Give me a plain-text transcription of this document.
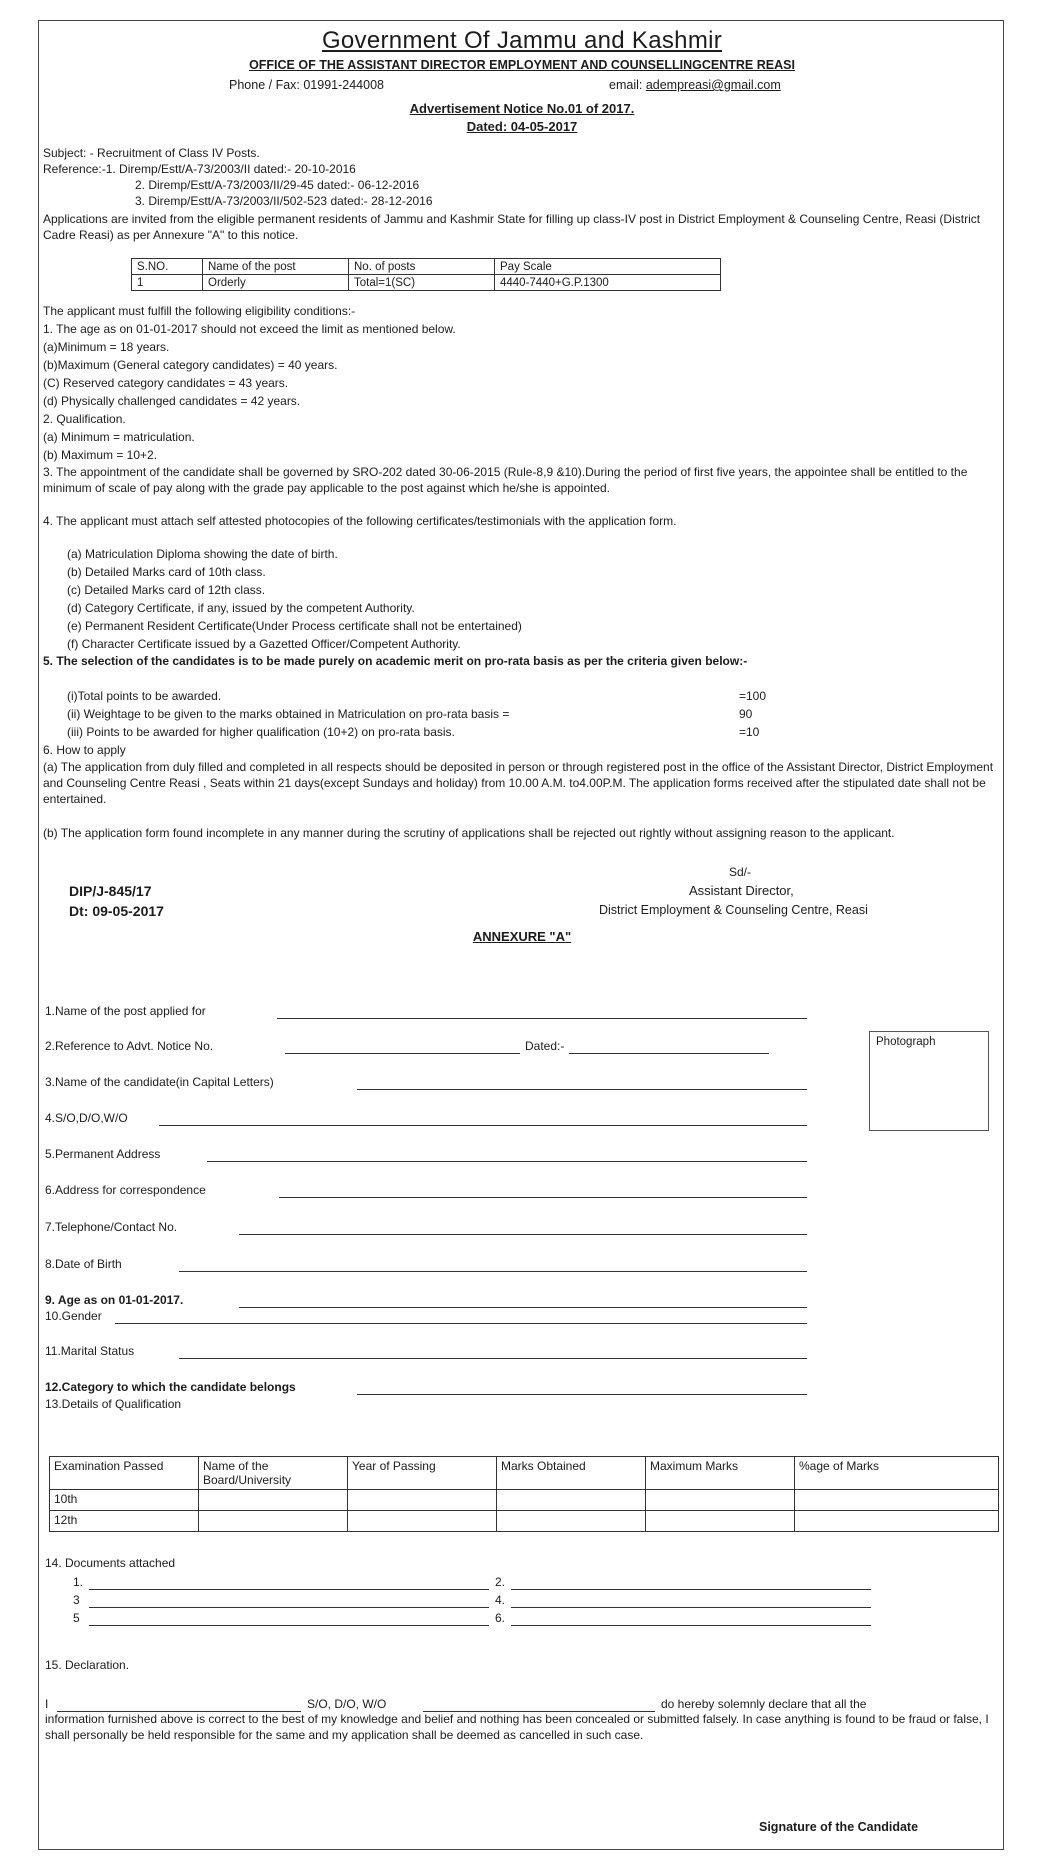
Government Of Jammu and Kashmir
OFFICE OF THE ASSISTANT DIRECTOR EMPLOYMENT AND COUNSELLINGCENTRE REASI
Phone / Fax: 01991-244008	email: adempreasi@gmail.com
Advertisement Notice No.01 of 2017.
Dated: 04-05-2017
Subject: - Recruitment of Class IV Posts.
Reference:-1. Diremp/Estt/A-73/2003/II dated:- 20-10-2016
2. Diremp/Estt/A-73/2003/II/29-45 dated:- 06-12-2016
3. Diremp/Estt/A-73/2003/II/502-523 dated:- 28-12-2016
Applications are invited from the eligible permanent residents of Jammu and Kashmir State for filling up class-IV post in District Employment & Counseling Centre, Reasi (District Cadre Reasi) as per Annexure "A" to this notice.
S.NO.	Name of the post	No. of posts	Pay Scale
1	Orderly	Total=1(SC)	4440-7440+G.P.1300
The applicant must fulfill the following eligibility conditions:-
1. The age as on 01-01-2017 should not exceed the limit as mentioned below.
(a)Minimum = 18 years.
(b)Maximum (General category candidates) = 40 years.
(C) Reserved category candidates = 43 years.
(d) Physically challenged candidates = 42 years.
2. Qualification.
(a) Minimum = matriculation.
(b) Maximum = 10+2.
3. The appointment of the candidate shall be governed by SRO-202 dated 30-06-2015 (Rule-8,9 &10).During the period of first five years, the appointee shall be entitled to the minimum of scale of pay along with the grade pay applicable to the post against which he/she is appointed.
4. The applicant must attach self attested photocopies of the following certificates/testimonials with the application form.
(a) Matriculation Diploma showing the date of birth.
(b) Detailed Marks card of 10th class.
(c) Detailed Marks card of 12th class.
(d) Category Certificate, if any, issued by the competent Authority.
(e) Permanent Resident Certificate(Under Process certificate shall not be entertained)
(f) Character Certificate issued by a Gazetted Officer/Competent Authority.
5. The selection of the candidates is to be made purely on academic merit on pro-rata basis as per the criteria given below:-
(i)Total points to be awarded.	=100
(ii) Weightage to be given to the marks obtained in Matriculation on pro-rata basis =	90
(iii) Points to be awarded for higher qualification (10+2) on pro-rata basis.	=10
6. How to apply
(a) The application from duly filled and completed in all respects should be deposited in person or through registered post in the office of the Assistant Director, District Employment and Counseling Centre Reasi , Seats within 21 days(except Sundays and holiday) from 10.00 A.M. to4.00P.M. The application forms received after the stipulated date shall not be entertained.
(b) The application form found incomplete in any manner during the scrutiny of applications shall be rejected out rightly without assigning reason to the applicant.
Sd/-
DIP/J-845/17	Assistant Director,
Dt: 09-05-2017	District Employment & Counseling Centre, Reasi
ANNEXURE "A"
Photograph
1.Name of the post applied for
2.Reference to Advt. Notice No.	Dated:-
3.Name of the candidate(in Capital Letters)
4.S/O,D/O,W/O
5.Permanent Address
6.Address for correspondence
7.Telephone/Contact No.
8.Date of Birth
9. Age as on 01-01-2017.
10.Gender
11.Marital Status
12.Category to which the candidate belongs
13.Details of Qualification
Examination Passed	Name of the Board/University	Year of Passing	Marks Obtained	Maximum Marks	%age of Marks
10th					
12th					
14. Documents attached
1.	2.
3	4.
5	6.
15. Declaration.
I	S/O, D/O, W/O	do hereby solemnly declare that all the
information furnished above is correct to the best of my knowledge and belief and nothing has been concealed or submitted falsely. In case anything is found to be fraud or false, I shall personally be held responsible for the same and my application shall be deemed as cancelled in such case.
Signature of the Candidate
